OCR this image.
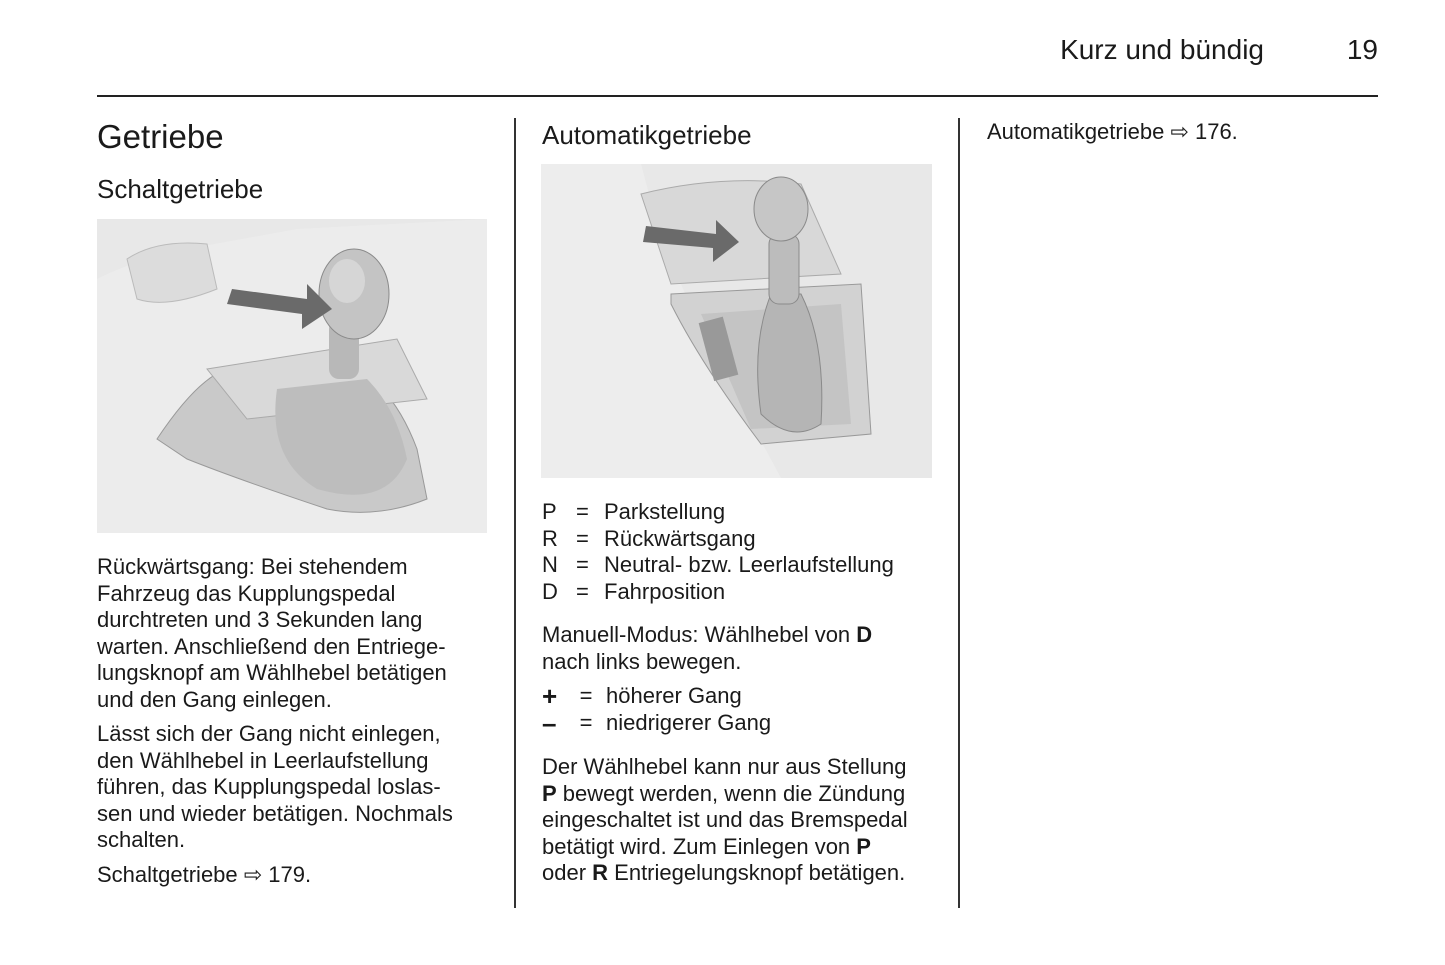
Kurz und bündig	19
Getriebe
Schaltgetriebe

Rückwärtsgang: Bei stehendem
Fahrzeug das Kupplungspedal
durchtreten und 3 Sekunden lang
warten. Anschließend den Entriege-
lungsknopf am Wählhebel betätigen
und den Gang einlegen.

Lässt sich der Gang nicht einlegen,
den Wählhebel in Leerlaufstellung
führen, das Kupplungspedal loslas-
sen und wieder betätigen. Nochmals
schalten.

Schaltgetriebe ⇨ 179.

Automatikgetriebe
P = Parkstellung
R = Rückwärtsgang
N = Neutral- bzw. Leerlaufstellung
D = Fahrposition

Manuell-Modus: Wählhebel von D
nach links bewegen.

+	= höherer Gang
–	= niedrigerer Gang

Der Wählhebel kann nur aus Stellung
P bewegt werden, wenn die Zündung
eingeschaltet ist und das Bremspedal
betätigt wird. Zum Einlegen von P
oder R Entriegelungsknopf betätigen.

Automatikgetriebe ⇨ 176.
